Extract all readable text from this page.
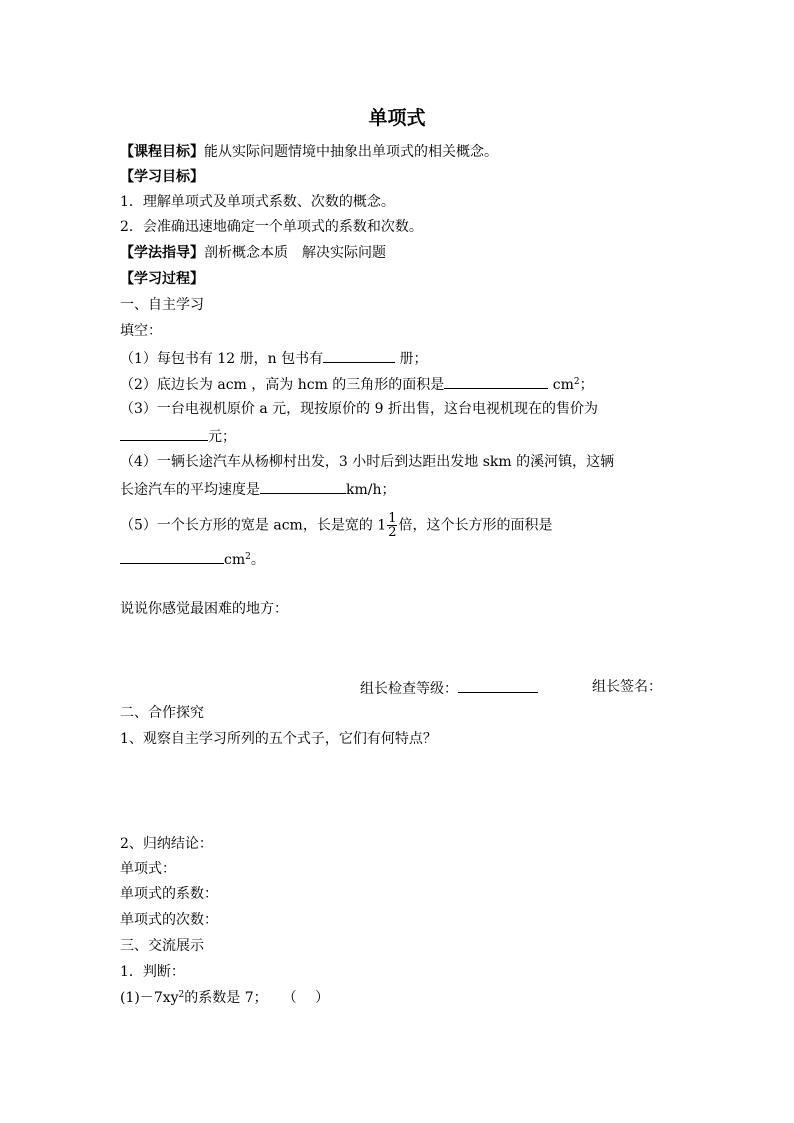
单项式
【课程目标】能从实际问题情境中抽象出单项式的相关概念。
【学习目标】
1．理解单项式及单项式系数、次数的概念。
2．会准确迅速地确定一个单项式的系数和次数。
【学法指导】剖析概念本质　解决实际问题
【学习过程】
一、自主学习
填空：
（1）每包书有 12 册，n 包书有	册；
（2）底边长为 acm ，高为 hcm 的三角形的面积是	$cm^2$；
（3）一台电视机原价 a 元，现按原价的 9 折出售，这台电视机现在的售价为
元；
（4）一辆长途汽车从杨柳村出发，3 小时后到达距出发地 skm 的溪河镇，这辆
长途汽车的平均速度是	km/h；
（5）一个长方形的宽是 acm，长是宽的 $1 \frac{1}{2}$ 倍，这个长方形的面积是
$cm^2$。
说说你感觉最困难的地方：
组长检查等级：	组长签名：
二、合作探究
1、观察自主学习所列的五个式子，它们有何特点？
2、归纳结论：
单项式：
单项式的系数：
单项式的次数：
三、交流展示
1．判断：
$(1)-7xy^2$的系数是 7； （　 ）
